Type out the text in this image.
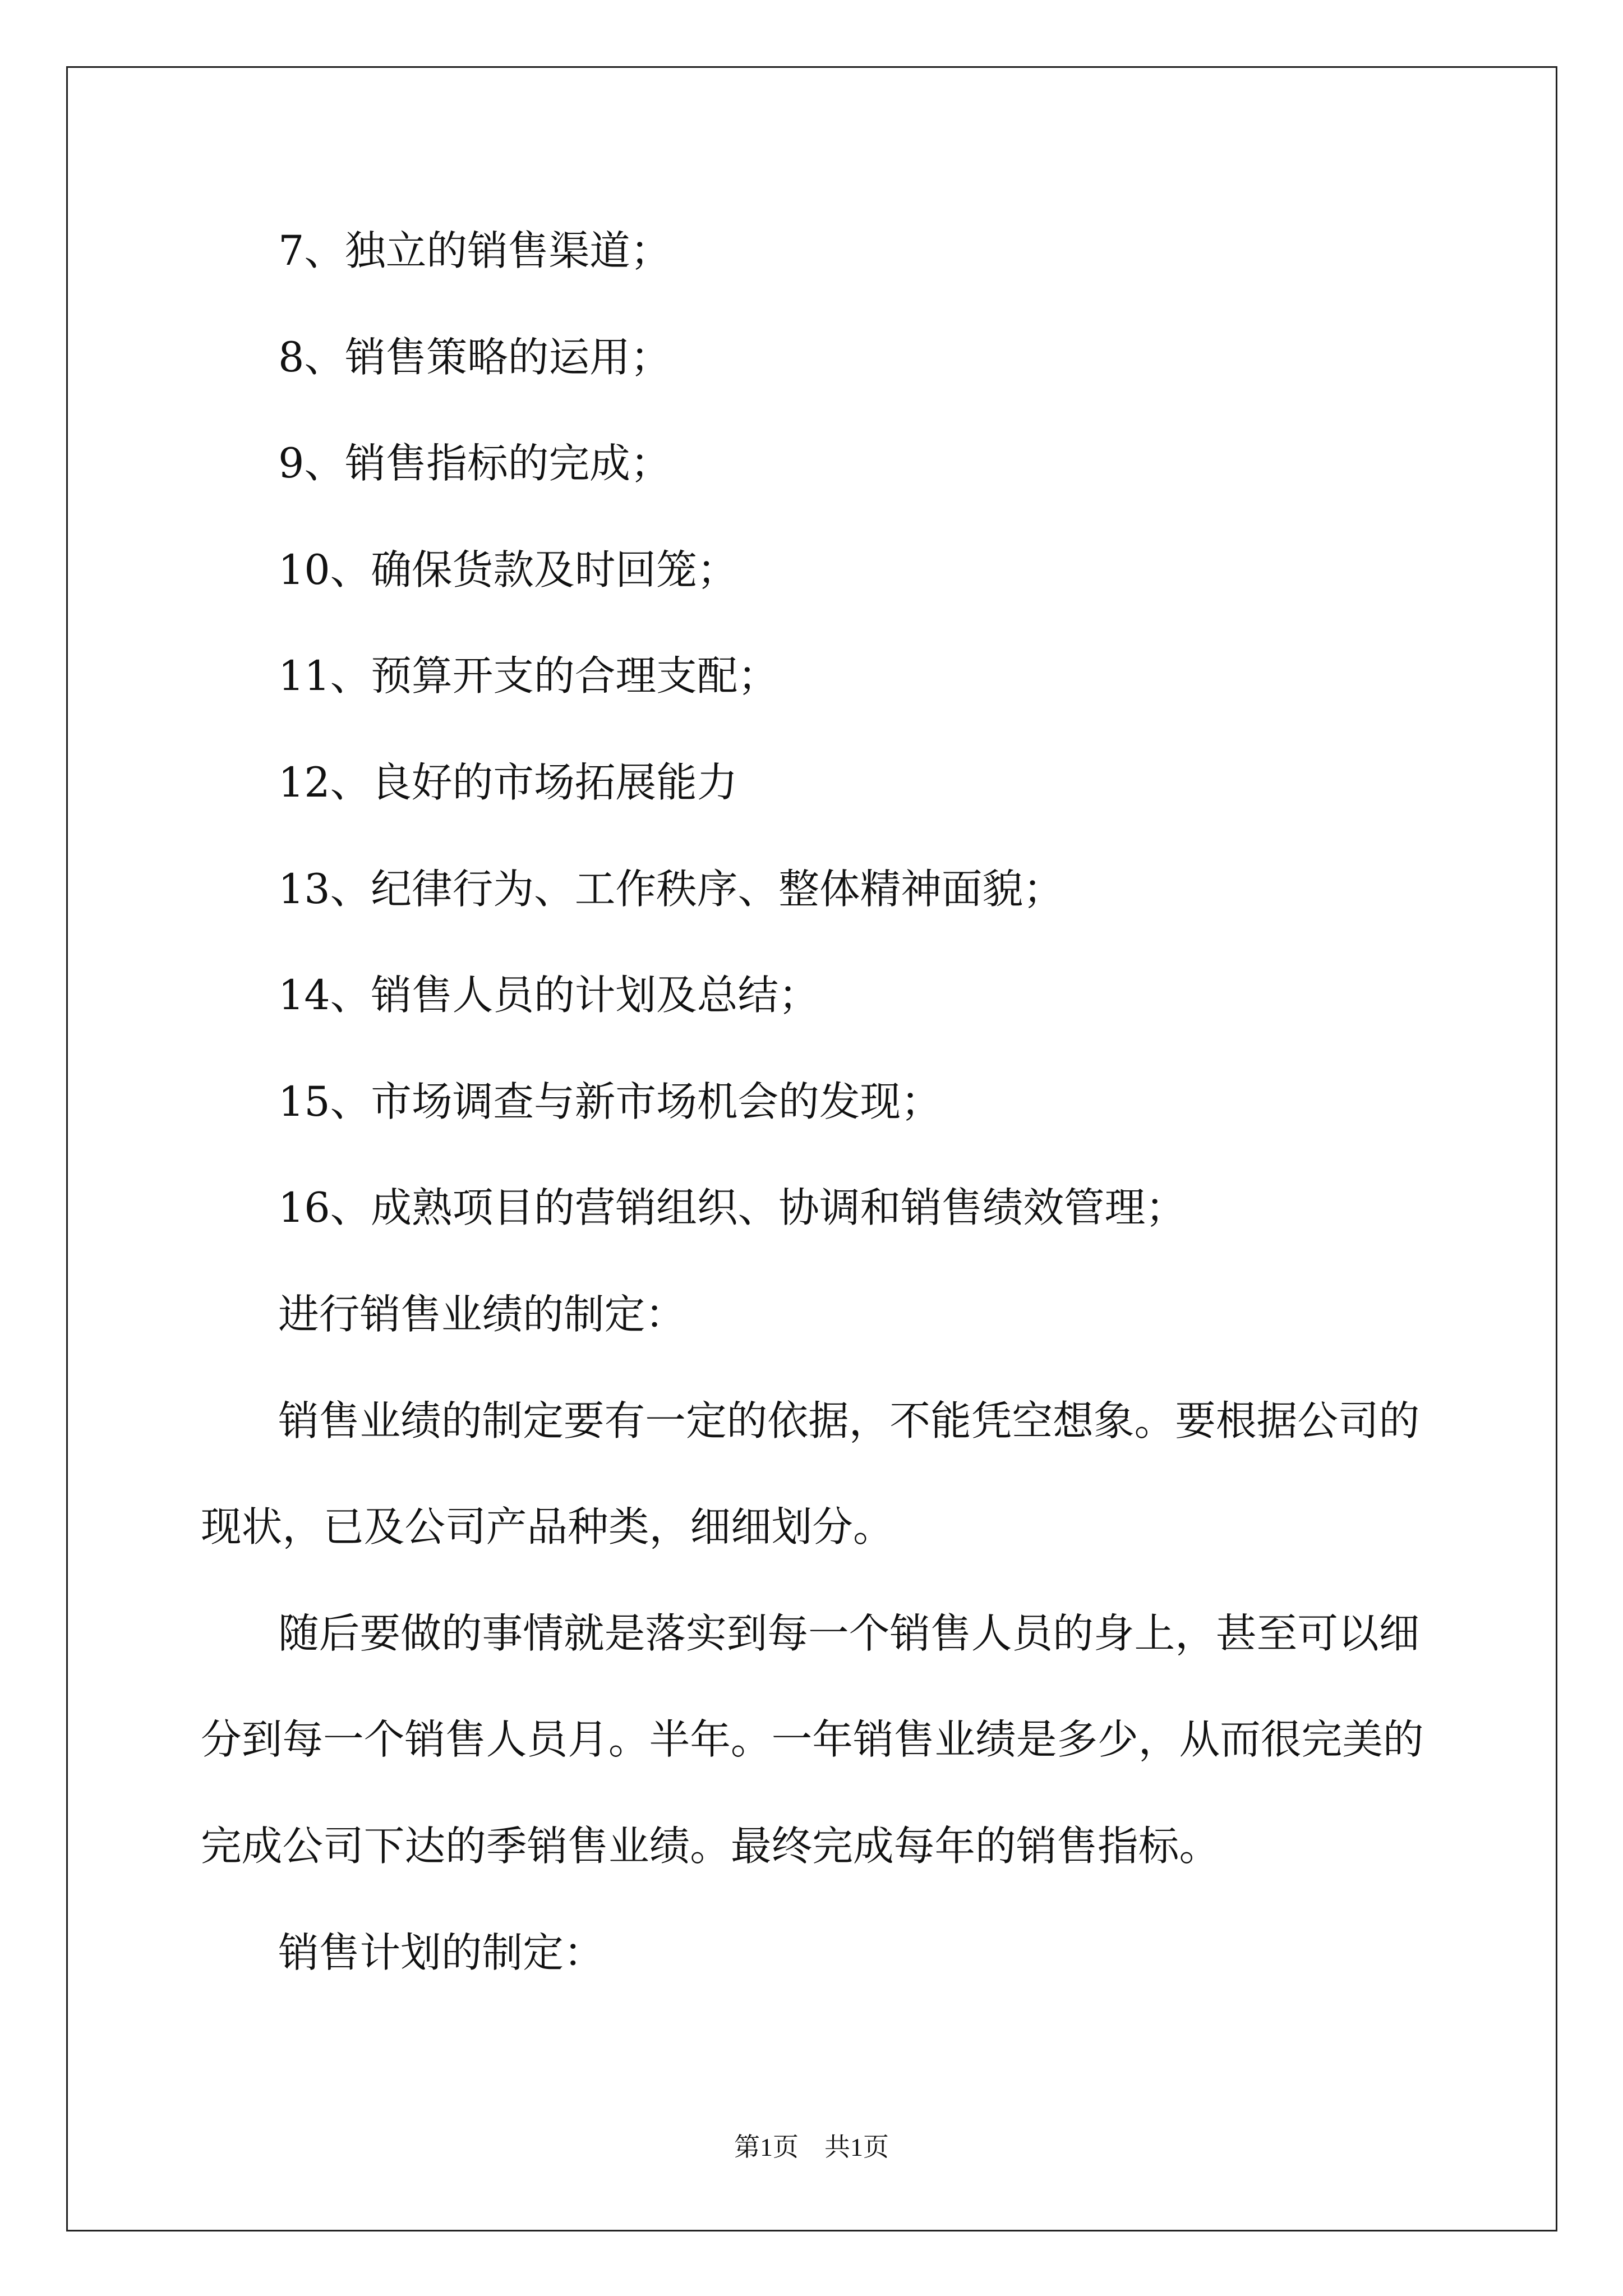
7、独立的销售渠道；
8、销售策略的运用；
9、销售指标的完成；
10、确保货款及时回笼；
11、预算开支的合理支配；
12、良好的市场拓展能力
13、纪律行为、工作秩序、整体精神面貌；
14、销售人员的计划及总结；
15、市场调查与新市场机会的发现；
16、成熟项目的营销组织、协调和销售绩效管理；
进行销售业绩的制定：
销售业绩的制定要有一定的依据，不能凭空想象。要根据公司的
现状，已及公司产品种类，细细划分。
随后要做的事情就是落实到每一个销售人员的身上，甚至可以细
分到每一个销售人员月。半年。一年销售业绩是多少，从而很完美的
完成公司下达的季销售业绩。最终完成每年的销售指标。
销售计划的制定：
第1页　共1页
